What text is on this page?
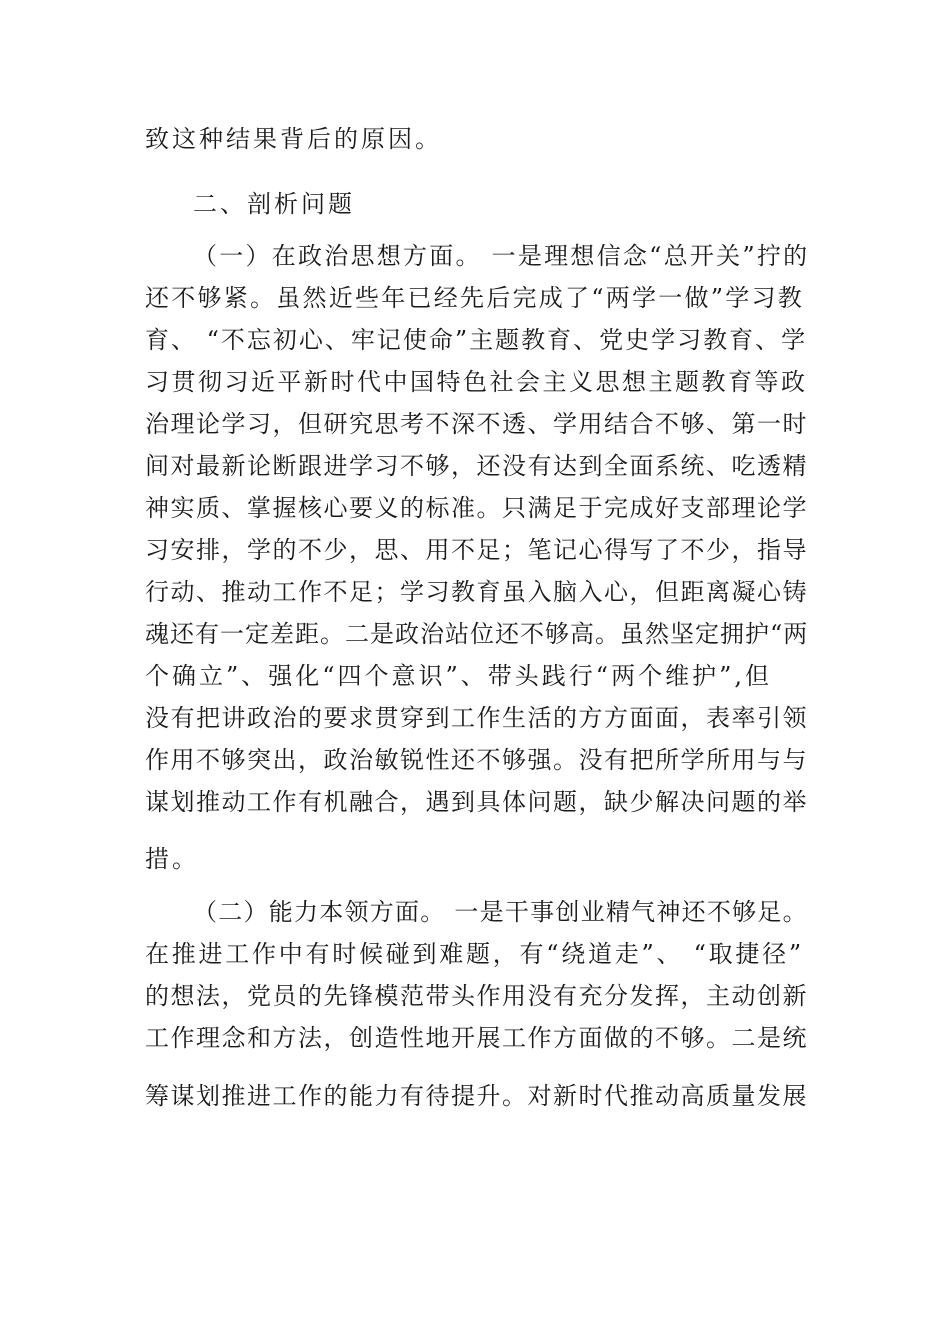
致这种结果背后的原因。
二、剖析问题
（一）在政治思想方面。 一是理想信念“总开关”拧的
还不够紧。虽然近些年已经先后完成了“两学一做”学习教
育、 “不忘初心、牢记使命”主题教育、党史学习教育、学
习贯彻习近平新时代中国特色社会主义思想主题教育等政
治理论学习，但研究思考不深不透、学用结合不够、第一时
间对最新论断跟进学习不够，还没有达到全面系统、吃透精
神实质、掌握核心要义的标准。只满足于完成好支部理论学
习安排，学的不少，思、用不足；笔记心得写了不少，指导
行动、推动工作不足；学习教育虽入脑入心，但距离凝心铸
魂还有一定差距。二是政治站位还不够高。虽然坚定拥护“两
个确立”、强化“四个意识”、带头践行“两个维护”,但
没有把讲政治的要求贯穿到工作生活的方方面面，表率引领
作用不够突出，政治敏锐性还不够强。没有把所学所用与与
谋划推动工作有机融合，遇到具体问题，缺少解决问题的举
措。
（二）能力本领方面。 一是干事创业精气神还不够足。
在推进工作中有时候碰到难题，有“绕道走”、 “取捷径”
的想法，党员的先锋模范带头作用没有充分发挥，主动创新
工作理念和方法，创造性地开展工作方面做的不够。二是统
筹谋划推进工作的能力有待提升。对新时代推动高质量发展
